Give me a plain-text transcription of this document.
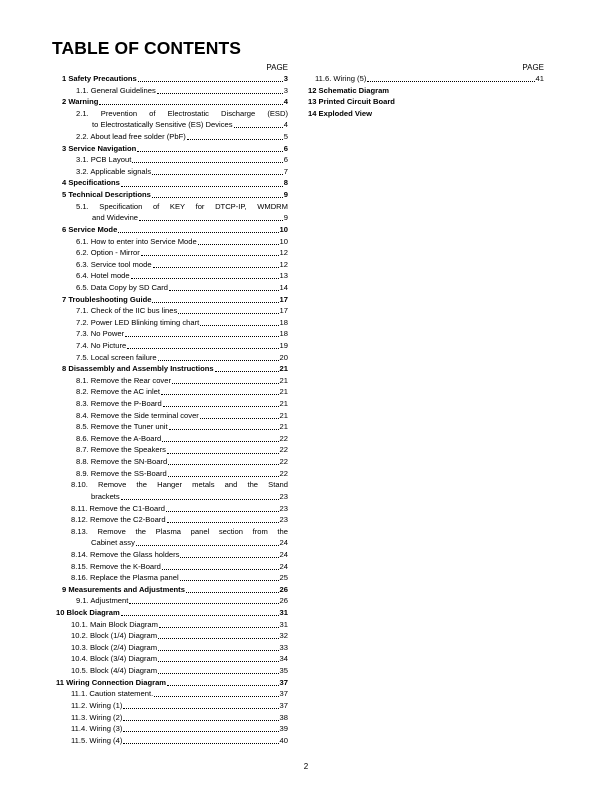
TABLE OF CONTENTS
PAGE
1 Safety Precautions	3
1.1. General Guidelines	3
2 Warning	4
2.1. Prevention of Electrostatic Discharge (ESD)
to Electrostatically Sensitive (ES) Devices	4
2.2. About lead free solder (PbF)	5
3 Service Navigation	6
3.1. PCB Layout	6
3.2. Applicable signals	7
4 Specifications	8
5 Technical Descriptions	9
5.1. Specification of KEY for DTCP-IP, WMDRM
and Widevine	9
6 Service Mode	10
6.1. How to enter into Service Mode	10
6.2. Option - Mirror	12
6.3. Service tool mode	12
6.4. Hotel mode	13
6.5. Data Copy by SD Card	14
7 Troubleshooting Guide	17
7.1. Check of the IIC bus lines	17
7.2. Power LED Blinking timing chart	18
7.3. No Power	18
7.4. No Picture	19
7.5. Local screen failure	20
8 Disassembly and Assembly Instructions	21
8.1. Remove the Rear cover	21
8.2. Remove the AC inlet	21
8.3. Remove the P-Board	21
8.4. Remove the Side terminal cover	21
8.5. Remove the Tuner unit	21
8.6. Remove the A-Board	22
8.7. Remove the Speakers	22
8.8. Remove the SN-Board	22
8.9. Remove the SS-Board	22
8.10. Remove the Hanger metals and the Stand
brackets	23
8.11. Remove the C1-Board	23
8.12. Remove the C2-Board	23
8.13. Remove the Plasma panel section from the
Cabinet assy	24
8.14. Remove the Glass holders	24
8.15. Remove the K-Board	24
8.16. Replace the Plasma panel	25
9 Measurements and Adjustments	26
9.1. Adjustment	26
10 Block Diagram	31
10.1. Main Block Diagram	31
10.2. Block (1/4) Diagram	32
10.3. Block (2/4) Diagram	33
10.4. Block (3/4) Diagram	34
10.5. Block (4/4) Diagram	35
11 Wiring Connection Diagram	37
11.1. Caution statement.	37
11.2. Wiring (1)	37
11.3. Wiring (2)	38
11.4. Wiring (3)	39
11.5. Wiring (4)	40
PAGE
11.6. Wiring (5)	41
12 Schematic Diagram
13 Printed Circuit Board
14 Exploded View
2
